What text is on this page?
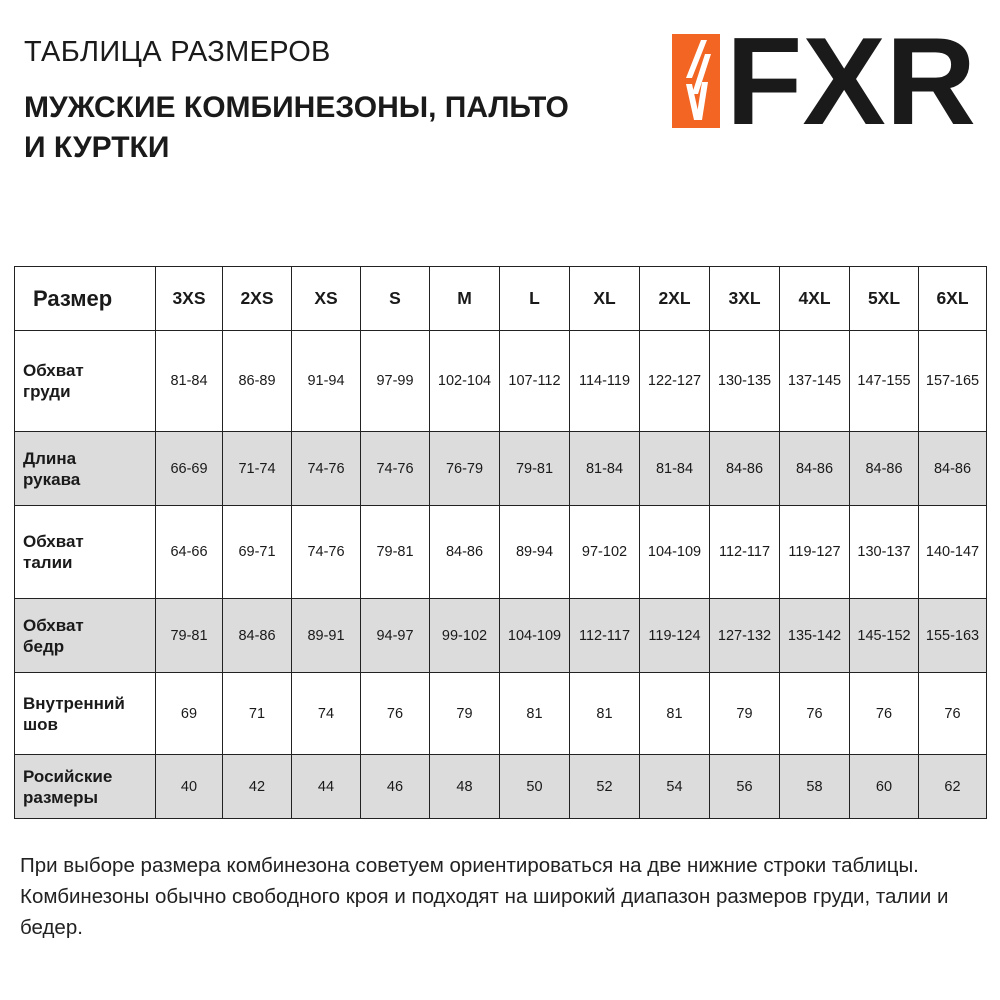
ТАБЛИЦА РАЗМЕРОВ
МУЖСКИЕ КОМБИНЕЗОНЫ, ПАЛЬТО
И КУРТКИ	FXR
Размер	3XS	2XS	XS	S	M	L	XL	2XL	3XL	4XL	5XL	6XL

Обхват
груди	81-84	86-89	91-94	97-99	102-104	107-112	114-119	122-127	130-135	137-145	147-155	157-165

Длина
рукава	66-69	71-74	74-76	74-76	76-79	79-81	81-84	81-84	84-86	84-86	84-86	84-86

Обхват
талии	64-66	69-71	74-76	79-81	84-86	89-94	97-102	104-109	112-117	119-127	130-137	140-147

Обхват
бедр	79-81	84-86	89-91	94-97	99-102	104-109	112-117	119-124	127-132	135-142	145-152	155-163

Внутренний
шов	69	71	74	76	79	81	81	81	79	76	76	76

Росийские
размеры	40	42	44	46	48	50	52	54	56	58	60	62
При выборе размера комбинезона советуем ориентироваться на две нижние строки таблицы. Комбинезоны обычно свободного кроя и подходят на широкий диапазон размеров груди, талии и бедер.
